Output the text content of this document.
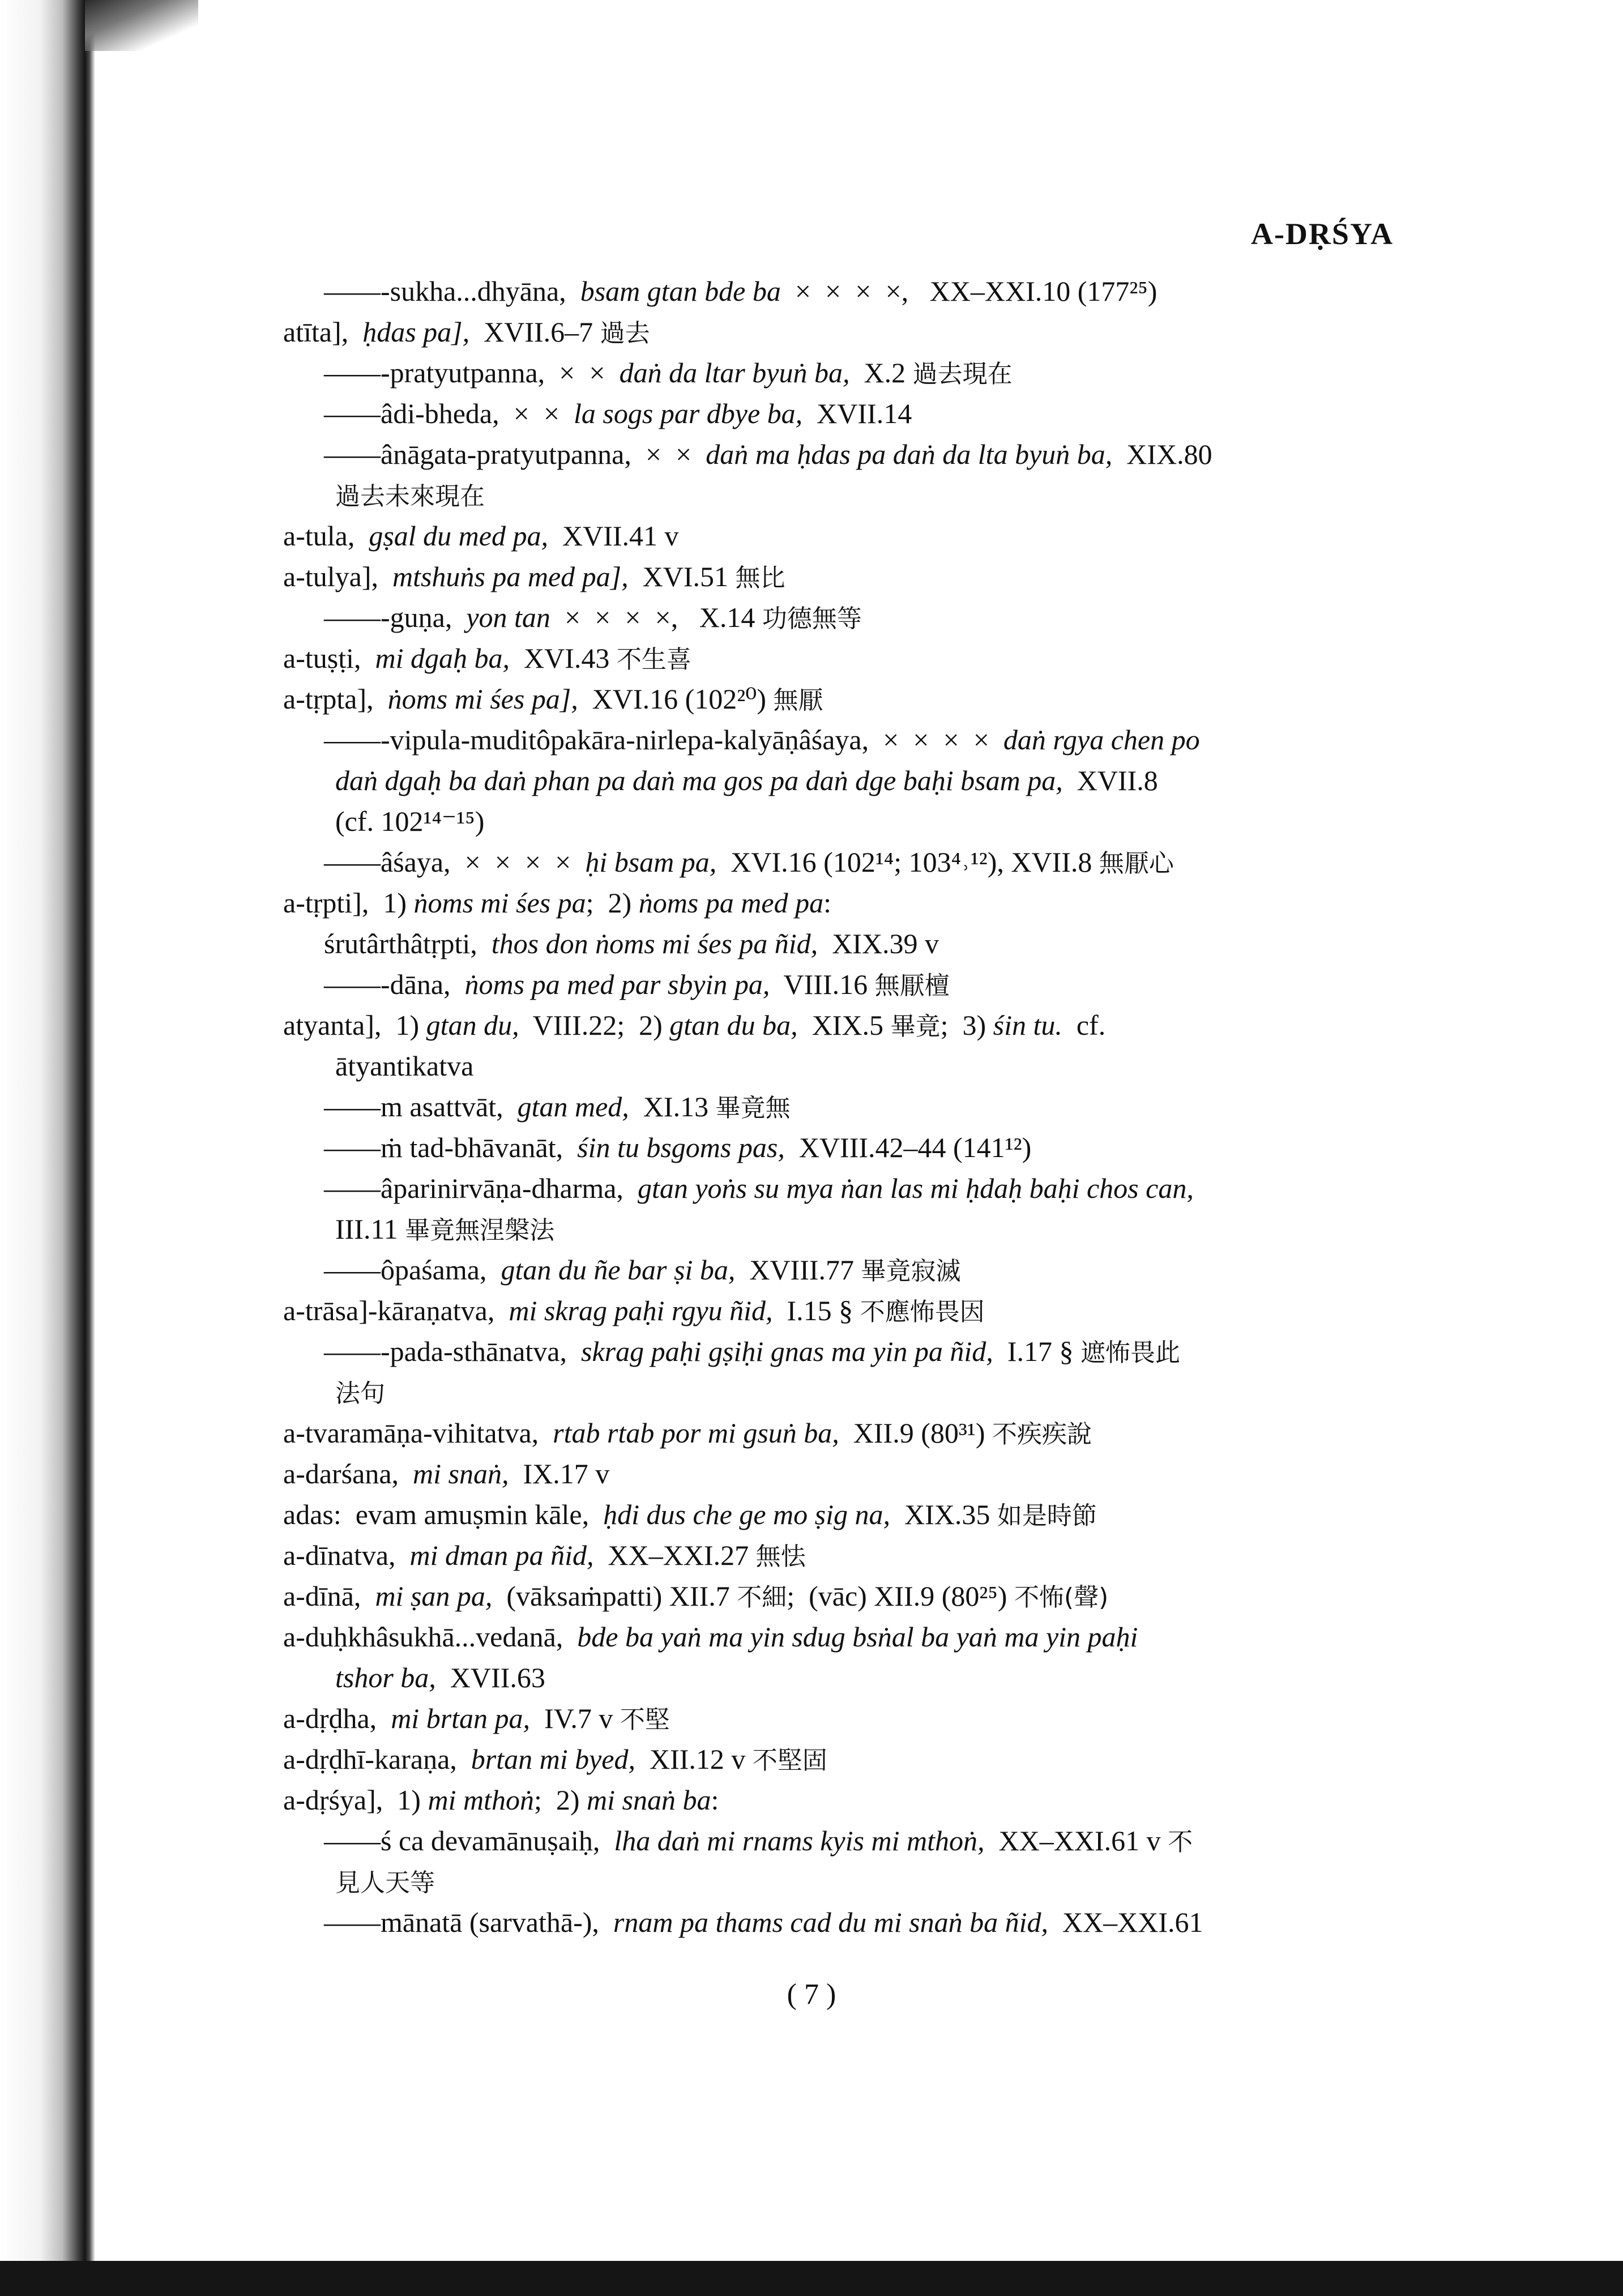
A-DṚŚYA
——-sukha...dhyāna,  bsam gtan bde ba  ×  ×  ×  ×,   XX–XXI.10 (177²⁵)
atīta],  ḥdas pa],  XVII.6–7 過去
——-pratyutpanna,  ×  ×  daṅ da ltar byuṅ ba,  X.2 過去現在
——âdi-bheda,  ×  ×  la sogs par dbye ba,  XVII.14
——ânāgata-pratyutpanna,  ×  ×  daṅ ma ḥdas pa daṅ da lta byuṅ ba,  XIX.80
過去未來現在
a-tula,  gṣal du med pa,  XVII.41 v
a-tulya],  mtshuṅs pa med pa],  XVI.51 無比
——-guṇa,  yon tan  ×  ×  ×  ×,   X.14 功德無等
a-tuṣṭi,  mi dgaḥ ba,  XVI.43 不生喜
a-tṛpta],  ṅoms mi śes pa],  XVI.16 (102²⁰) 無厭
——-vipula-muditôpakāra-nirlepa-kalyāṇâśaya,  ×  ×  ×  ×  daṅ rgya chen po
daṅ dgaḥ ba daṅ phan pa daṅ ma gos pa daṅ dge baḥi bsam pa,  XVII.8
(cf. 102¹⁴⁻¹⁵)
——âśaya,  ×  ×  ×  ×  ḥi bsam pa,  XVI.16 (102¹⁴; 103⁴˒¹²), XVII.8 無厭心
a-tṛpti],  1) ṅoms mi śes pa;  2) ṅoms pa med pa:
śrutârthâtṛpti,  thos don ṅoms mi śes pa ñid,  XIX.39 v
——-dāna,  ṅoms pa med par sbyin pa,  VIII.16 無厭檀
atyanta],  1) gtan du,  VIII.22;  2) gtan du ba,  XIX.5 畢竟;  3) śin tu.  cf.
ātyantikatva
——m asattvāt,  gtan med,  XI.13 畢竟無
——ṁ tad-bhāvanāt,  śin tu bsgoms pas,  XVIII.42–44 (141¹²)
——âparinirvāṇa-dharma,  gtan yoṅs su mya ṅan las mi ḥdaḥ baḥi chos can,
III.11 畢竟無涅槃法
——ôpaśama,  gtan du ñe bar ṣi ba,  XVIII.77 畢竟寂滅
a-trāsa]-kāraṇatva,  mi skrag paḥi rgyu ñid,  I.15 § 不應怖畏因
——-pada-sthānatva,  skrag paḥi gṣiḥi gnas ma yin pa ñid,  I.17 § 遮怖畏此
法句
a-tvaramāṇa-vihitatva,  rtab rtab por mi gsuṅ ba,  XII.9 (80³¹) 不疾疾說
a-darśana,  mi snaṅ,  IX.17 v
adas:  evam amuṣmin kāle,  ḥdi dus che ge mo ṣig na,  XIX.35 如是時節
a-dīnatva,  mi dman pa ñid,  XX–XXI.27 無怯
a-dīnā,  mi ṣan pa,  (vāksaṁpatti) XII.7 不細;  (vāc) XII.9 (80²⁵) 不怖(聲)
a-duḥkhâsukhā...vedanā,  bde ba yaṅ ma yin sdug bsṅal ba yaṅ ma yin paḥi
tshor ba,  XVII.63
a-dṛḍha,  mi brtan pa,  IV.7 v 不堅
a-dṛḍhī-karaṇa,  brtan mi byed,  XII.12 v 不堅固
a-dṛśya],  1) mi mthoṅ;  2) mi snaṅ ba:
——ś ca devamānuṣaiḥ,  lha daṅ mi rnams kyis mi mthoṅ,  XX–XXI.61 v 不
見人天等
——mānatā (sarvathā-),  rnam pa thams cad du mi snaṅ ba ñid,  XX–XXI.61
( 7 )
